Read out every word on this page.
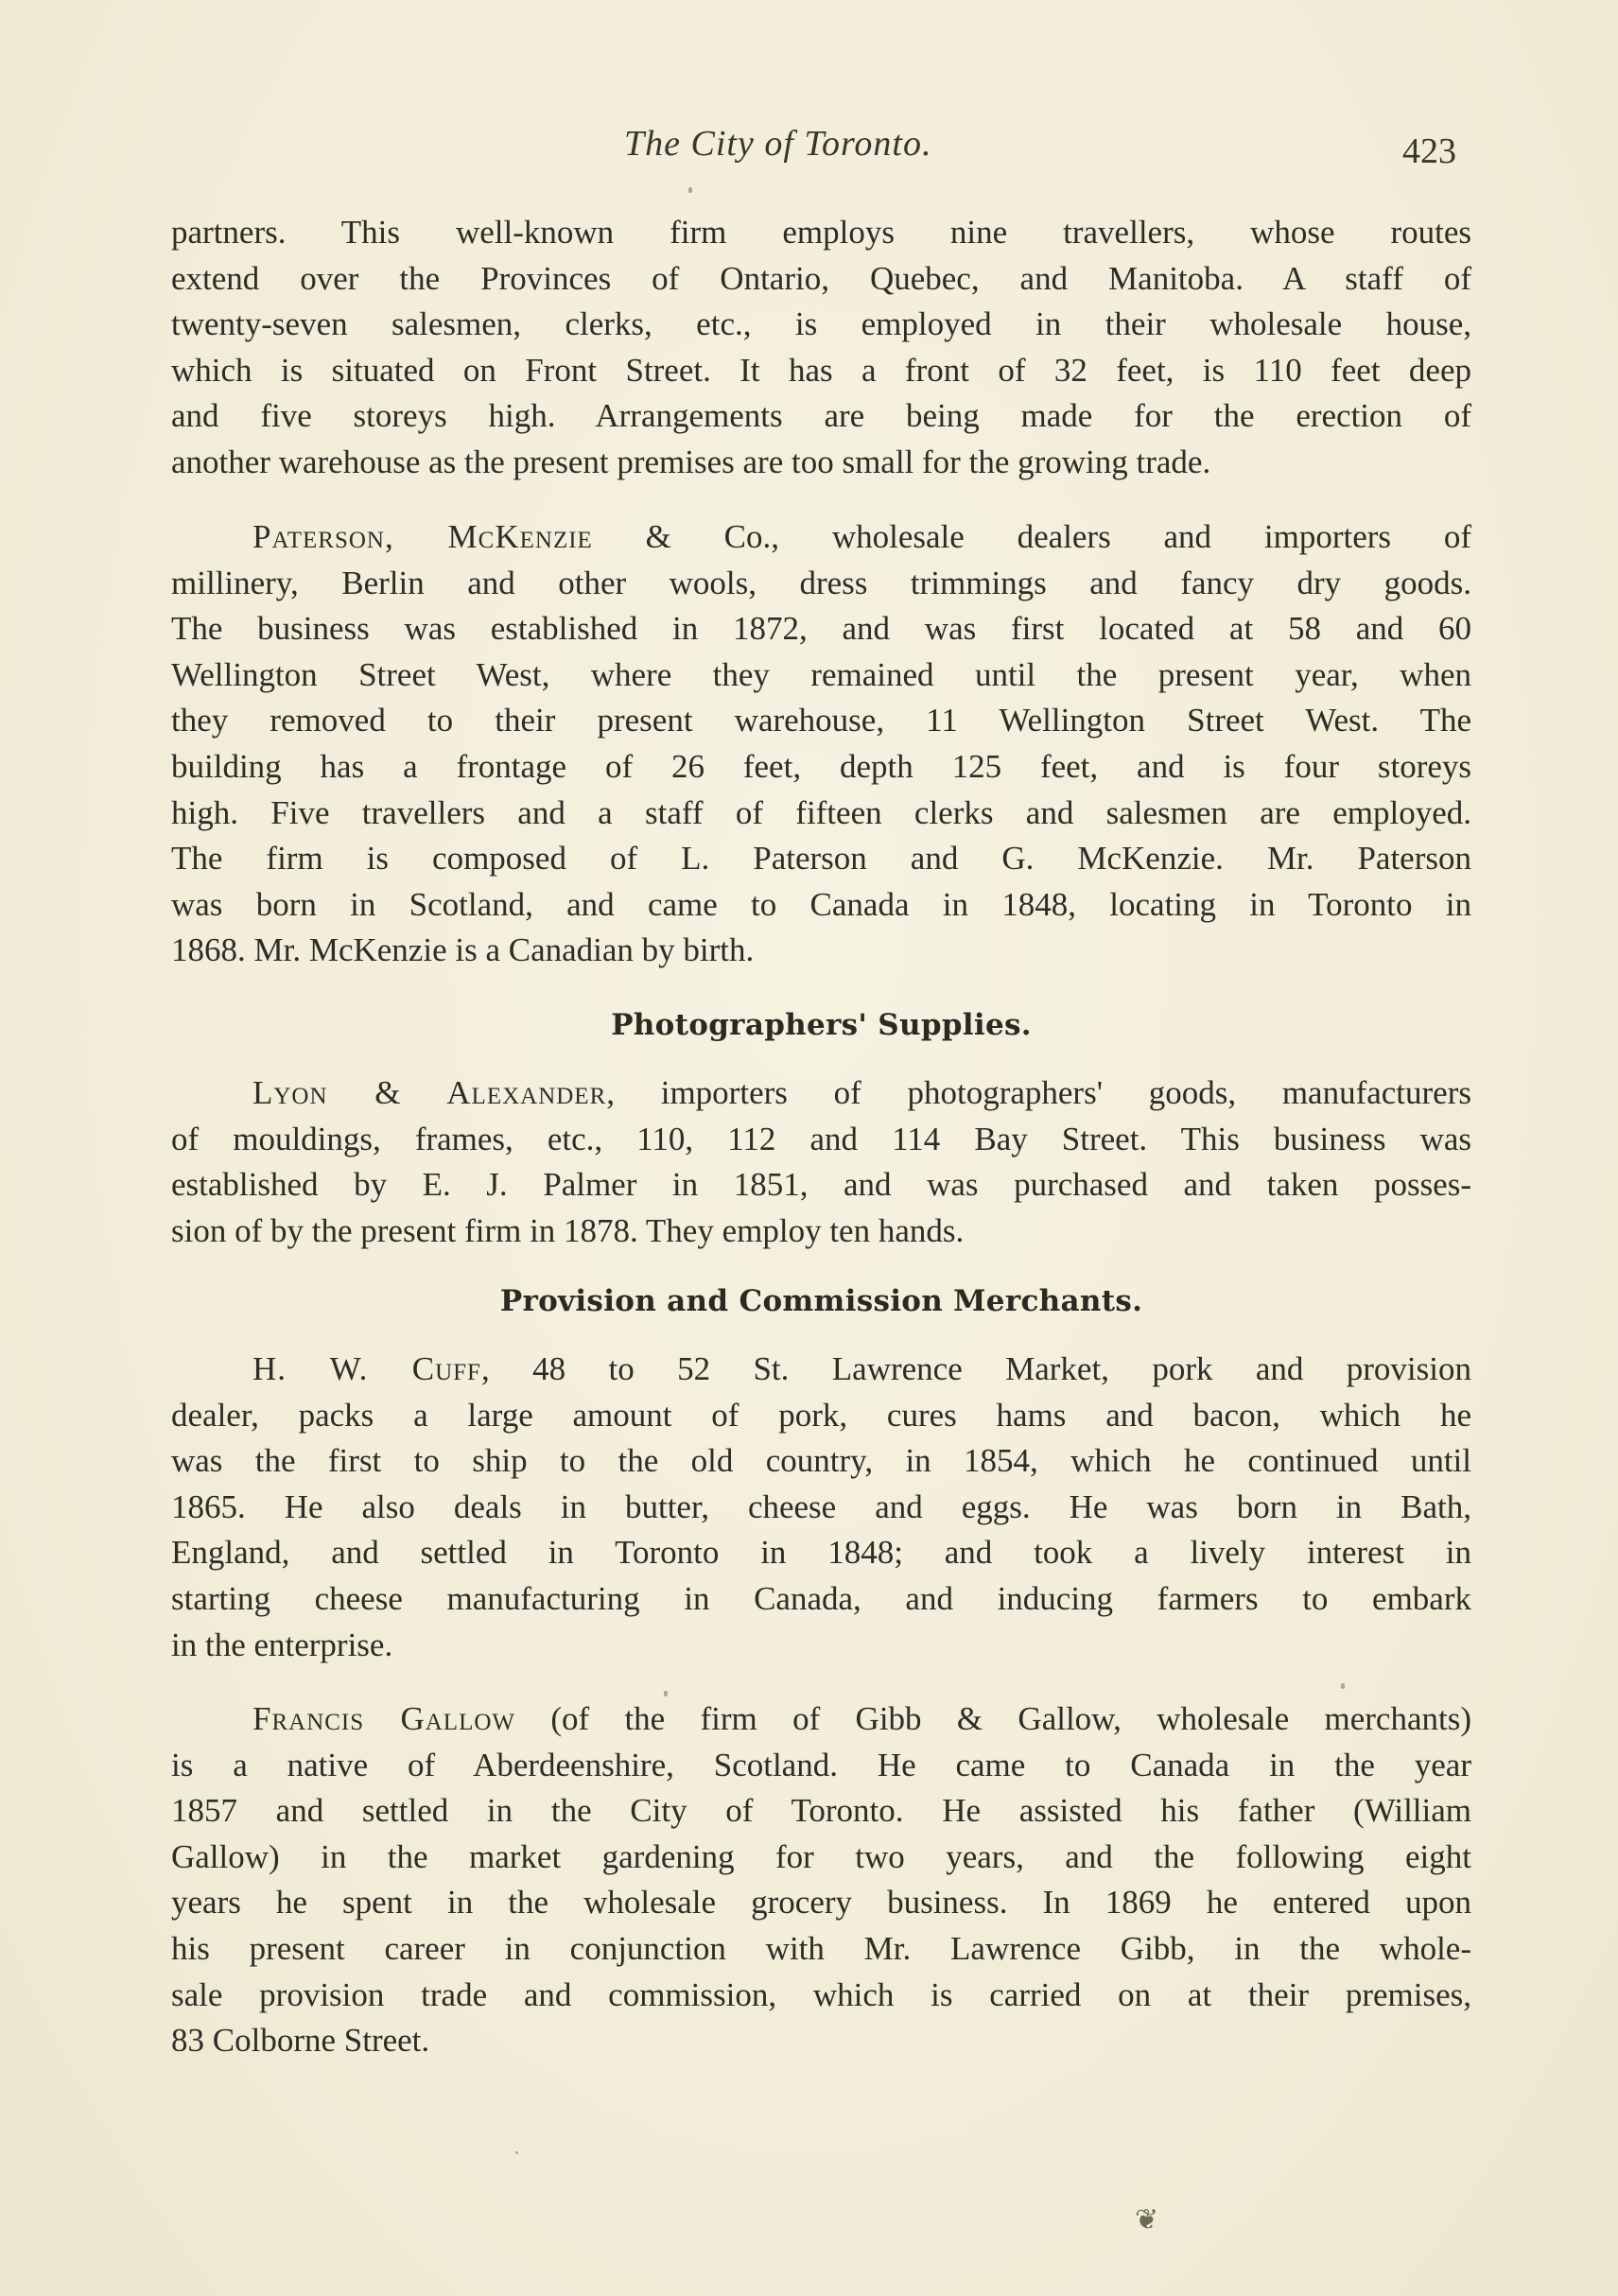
The City of Toronto.	423
partners. This well-known firm employs nine travellers, whose routes
extend over the Provinces of Ontario, Quebec, and Manitoba. A staff of
twenty-seven salesmen, clerks, etc., is employed in their wholesale house,
which is situated on Front Street. It has a front of 32 feet, is 110 feet deep
and five storeys high. Arrangements are being made for the erection of
another warehouse as the present premises are too small for the growing trade.
Paterson, McKenzie & Co., wholesale dealers and importers of
millinery, Berlin and other wools, dress trimmings and fancy dry goods.
The business was established in 1872, and was first located at 58 and 60
Wellington Street West, where they remained until the present year, when
they removed to their present warehouse, 11 Wellington Street West. The
building has a frontage of 26 feet, depth 125 feet, and is four storeys
high. Five travellers and a staff of fifteen clerks and salesmen are employed.
The firm is composed of L. Paterson and G. McKenzie. Mr. Paterson
was born in Scotland, and came to Canada in 1848, locating in Toronto in
1868. Mr. McKenzie is a Canadian by birth.
Photographers' Supplies.
Lyon & Alexander, importers of photographers' goods, manufacturers
of mouldings, frames, etc., 110, 112 and 114 Bay Street. This business was
established by E. J. Palmer in 1851, and was purchased and taken posses-
sion of by the present firm in 1878. They employ ten hands.
Provision and Commission Merchants.
H. W. Cuff, 48 to 52 St. Lawrence Market, pork and provision
dealer, packs a large amount of pork, cures hams and bacon, which he
was the first to ship to the old country, in 1854, which he continued until
1865. He also deals in butter, cheese and eggs. He was born in Bath,
England, and settled in Toronto in 1848; and took a lively interest in
starting cheese manufacturing in Canada, and inducing farmers to embark
in the enterprise.
Francis Gallow (of the firm of Gibb & Gallow, wholesale merchants)
is a native of Aberdeenshire, Scotland. He came to Canada in the year
1857 and settled in the City of Toronto. He assisted his father (William
Gallow) in the market gardening for two years, and the following eight
years he spent in the wholesale grocery business. In 1869 he entered upon
his present career in conjunction with Mr. Lawrence Gibb, in the whole-
sale provision trade and commission, which is carried on at their premises,
83 Colborne Street.
❦
